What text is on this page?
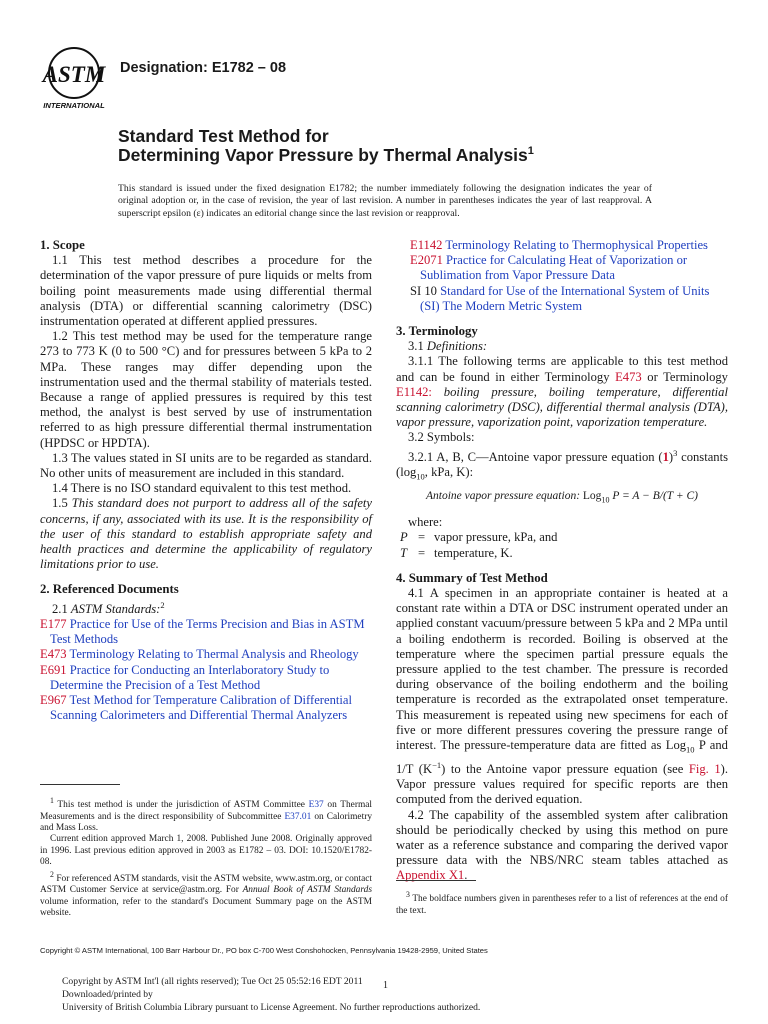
ASTM
INTERNATIONAL
Designation: E1782 – 08
Standard Test Method for
Determining Vapor Pressure by Thermal Analysis$^1$
This standard is issued under the fixed designation E1782; the number immediately following the designation indicates the year of original adoption or, in the case of revision, the year of last revision. A number in parentheses indicates the year of last reapproval. A superscript epsilon (ε) indicates an editorial change since the last revision or reapproval.

1. Scope

1.1 This test method describes a procedure for the determination of the vapor pressure of pure liquids or melts from boiling point measurements made using differential thermal analysis (DTA) or differential scanning calorimetry (DSC) instrumentation operated at different applied pressures.

1.2 This test method may be used for the temperature range 273 to 773 K (0 to 500 °C) and for pressures between 5 kPa to 2 MPa. These ranges may differ depending upon the instrumentation used and the thermal stability of materials tested. Because a range of applied pressures is required by this test method, the analyst is best served by use of instrumentation referred to as high pressure differential thermal instrumentation (HPDSC or HPDTA).

1.3 The values stated in SI units are to be regarded as standard. No other units of measurement are included in this standard.

1.4 There is no ISO standard equivalent to this test method.

1.5 This standard does not purport to address all of the safety concerns, if any, associated with its use. It is the responsibility of the user of this standard to establish appropriate safety and health practices and determine the applicability of regulatory limitations prior to use.

2. Referenced Documents

2.1 ASTM Standards:$^2$

E177 Practice for Use of the Terms Precision and Bias in ASTM Test Methods

E473 Terminology Relating to Thermal Analysis and Rheology

E691 Practice for Conducting an Interlaboratory Study to Determine the Precision of a Test Method

E967 Test Method for Temperature Calibration of Differential Scanning Calorimeters and Differential Thermal Analyzers

$^1$ This test method is under the jurisdiction of ASTM Committee E37 on Thermal Measurements and is the direct responsibility of Subcommittee E37.01 on Calorimetry and Mass Loss.

Current edition approved March 1, 2008. Published June 2008. Originally approved in 1996. Last previous edition approved in 2003 as E1782 – 03. DOI: 10.1520/E1782-08.

$^2$ For referenced ASTM standards, visit the ASTM website, www.astm.org, or contact ASTM Customer Service at service@astm.org. For Annual Book of ASTM Standards volume information, refer to the standard's Document Summary page on the ASTM website.

E1142 Terminology Relating to Thermophysical Properties

E2071 Practice for Calculating Heat of Vaporization or Sublimation from Vapor Pressure Data

SI 10 Standard for Use of the International System of Units (SI) The Modern Metric System

3. Terminology

3.1 Definitions:

3.1.1 The following terms are applicable to this test method and can be found in either Terminology E473 or Terminology E1142: boiling pressure, boiling temperature, differential scanning calorimetry (DSC), differential thermal analysis (DTA), vapor pressure, vaporization point, vaporization temperature.

3.2 Symbols:

3.2.1 A, B, C—Antoine vapor pressure equation $(1)^3$ constants ($\log_{10}$, kPa, K):

Antoine vapor pressure equation: Log$_{10}$ P = A − B/(T + C)

where:

P = vapor pressure, kPa, and
T = temperature, K.

4. Summary of Test Method

4.1 A specimen in an appropriate container is heated at a constant rate within a DTA or DSC instrument operated under an applied constant vacuum/pressure between 5 kPa and 2 MPa until a boiling endotherm is recorded. Boiling is observed at the temperature where the specimen partial pressure equals the pressure applied to the test chamber. The pressure is recorded during observance of the boiling endotherm and the boiling temperature is recorded as the extrapolated onset temperature. This measurement is repeated using new specimens for each of five or more different pressures covering the pressure range of interest. The pressure-temperature data are fitted as Log$_{10}$ P and 1/T $(K^{-1})$ to the Antoine vapor pressure equation (see Fig. 1). Vapor pressure values required for specific reports are then computed from the derived equation.

4.2 The capability of the assembled system after calibration should be periodically checked by using this method on pure water as a reference substance and comparing the derived vapor pressure data with the NBS/NRC steam tables attached as Appendix X1.

$^3$ The boldface numbers given in parentheses refer to a list of references at the end of the text.

Copyright © ASTM International, 100 Barr Harbour Dr., PO box C-700 West Conshohocken, Pennsylvania 19428-2959, United States
Copyright by ASTM Int'l (all rights reserved); Tue Oct 25 05:52:16 EDT 2011 1
Downloaded/printed by
University of British Columbia Library pursuant to License Agreement. No further reproductions authorized.
